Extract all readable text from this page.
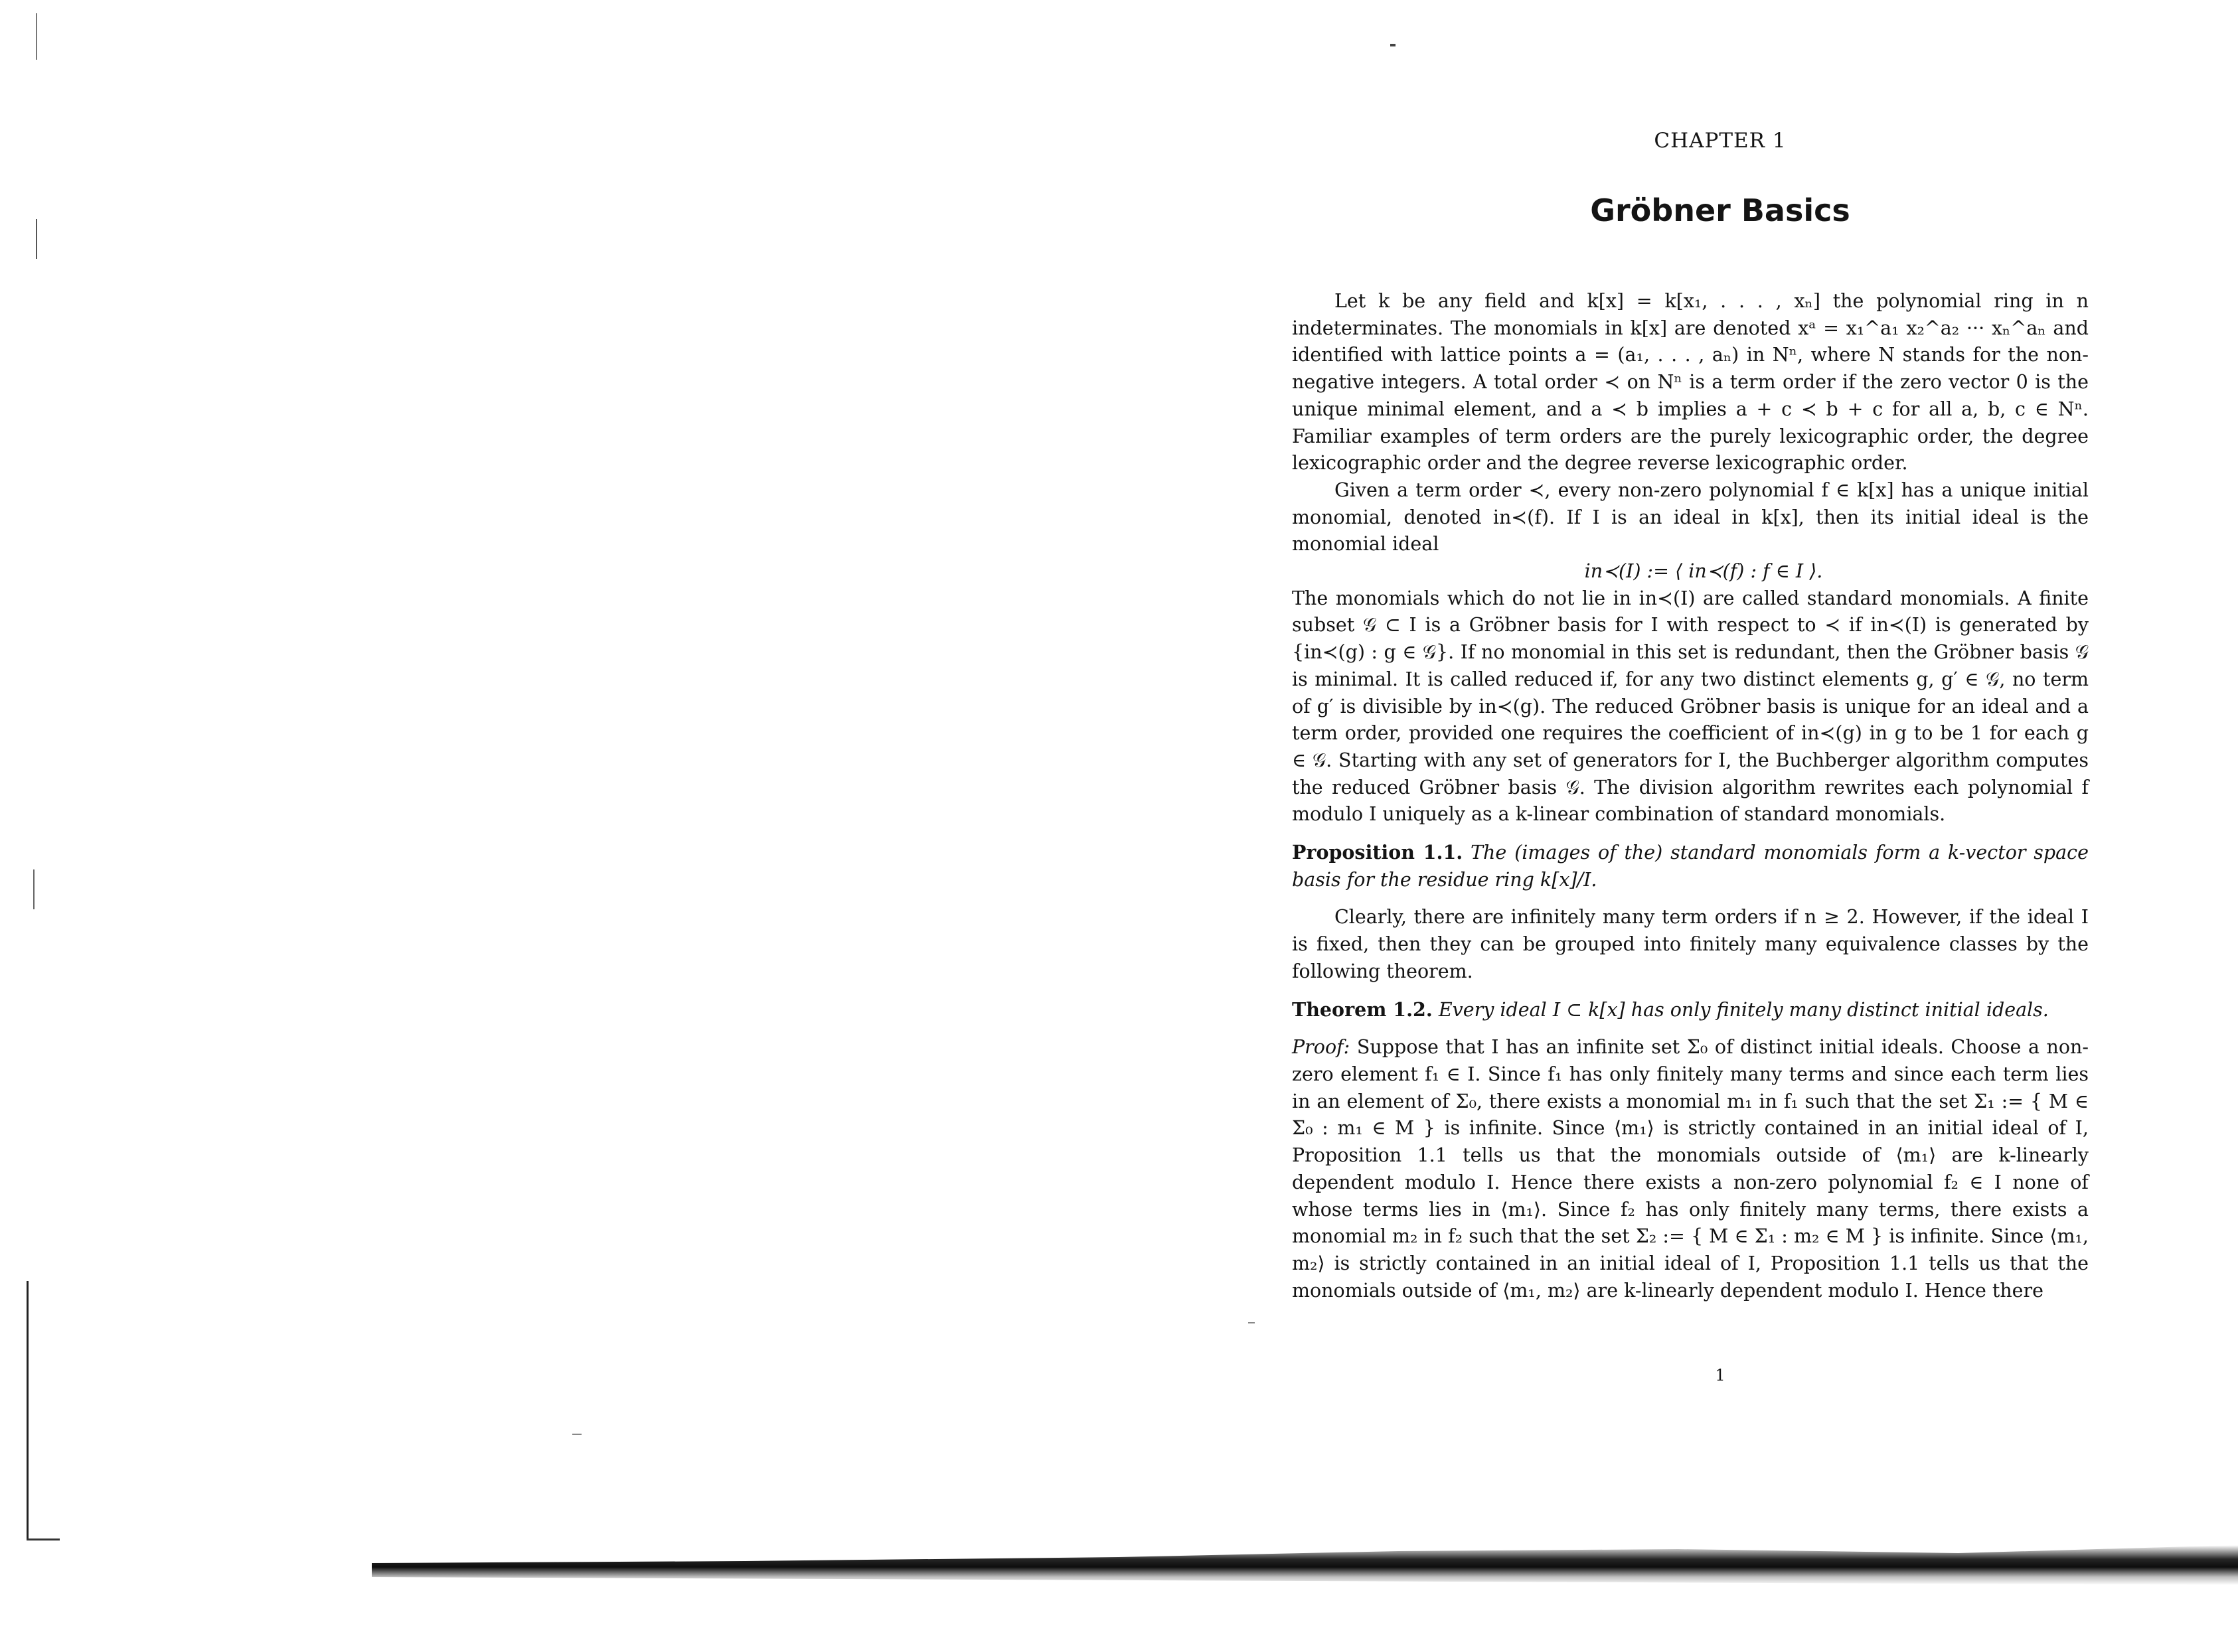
CHAPTER 1
Gröbner Basics

Let k be any field and k[x] = k[x₁, . . . , xₙ] the polynomial ring in n indeterminates. The monomials in k[x] are denoted xᵃ = x₁^a₁ x₂^a₂ ··· xₙ^aₙ and identified with lattice points a = (a₁, . . . , aₙ) in Nⁿ, where N stands for the non-negative integers. A total order ≺ on Nⁿ is a term order if the zero vector 0 is the unique minimal element, and a ≺ b implies a + c ≺ b + c for all a, b, c ∈ Nⁿ. Familiar examples of term orders are the purely lexicographic order, the degree lexicographic order and the degree reverse lexicographic order.

Given a term order ≺, every non-zero polynomial f ∈ k[x] has a unique initial monomial, denoted in≺(f). If I is an ideal in k[x], then its initial ideal is the monomial ideal

in≺(I) := ⟨ in≺(f) : f ∈ I ⟩.

The monomials which do not lie in in≺(I) are called standard monomials. A finite subset 𝒢 ⊂ I is a Gröbner basis for I with respect to ≺ if in≺(I) is generated by {in≺(g) : g ∈ 𝒢}. If no monomial in this set is redundant, then the Gröbner basis 𝒢 is minimal. It is called reduced if, for any two distinct elements g, g′ ∈ 𝒢, no term of g′ is divisible by in≺(g). The reduced Gröbner basis is unique for an ideal and a term order, provided one requires the coefficient of in≺(g) in g to be 1 for each g ∈ 𝒢. Starting with any set of generators for I, the Buchberger algorithm computes the reduced Gröbner basis 𝒢. The division algorithm rewrites each polynomial f modulo I uniquely as a k-linear combination of standard monomials.

Proposition 1.1. The (images of the) standard monomials form a k-vector space basis for the residue ring k[x]/I.

Clearly, there are infinitely many term orders if n ≥ 2. However, if the ideal I is fixed, then they can be grouped into finitely many equivalence classes by the following theorem.

Theorem 1.2. Every ideal I ⊂ k[x] has only finitely many distinct initial ideals.

Proof: Suppose that I has an infinite set Σ₀ of distinct initial ideals. Choose a non-zero element f₁ ∈ I. Since f₁ has only finitely many terms and since each term lies in an element of Σ₀, there exists a monomial m₁ in f₁ such that the set Σ₁ := { M ∈ Σ₀ : m₁ ∈ M } is infinite. Since ⟨m₁⟩ is strictly contained in an initial ideal of I, Proposition 1.1 tells us that the monomials outside of ⟨m₁⟩ are k-linearly dependent modulo I. Hence there exists a non-zero polynomial f₂ ∈ I none of whose terms lies in ⟨m₁⟩. Since f₂ has only finitely many terms, there exists a monomial m₂ in f₂ such that the set Σ₂ := { M ∈ Σ₁ : m₂ ∈ M } is infinite. Since ⟨m₁, m₂⟩ is strictly contained in an initial ideal of I, Proposition 1.1 tells us that the monomials outside of ⟨m₁, m₂⟩ are k-linearly dependent modulo I. Hence there

1
